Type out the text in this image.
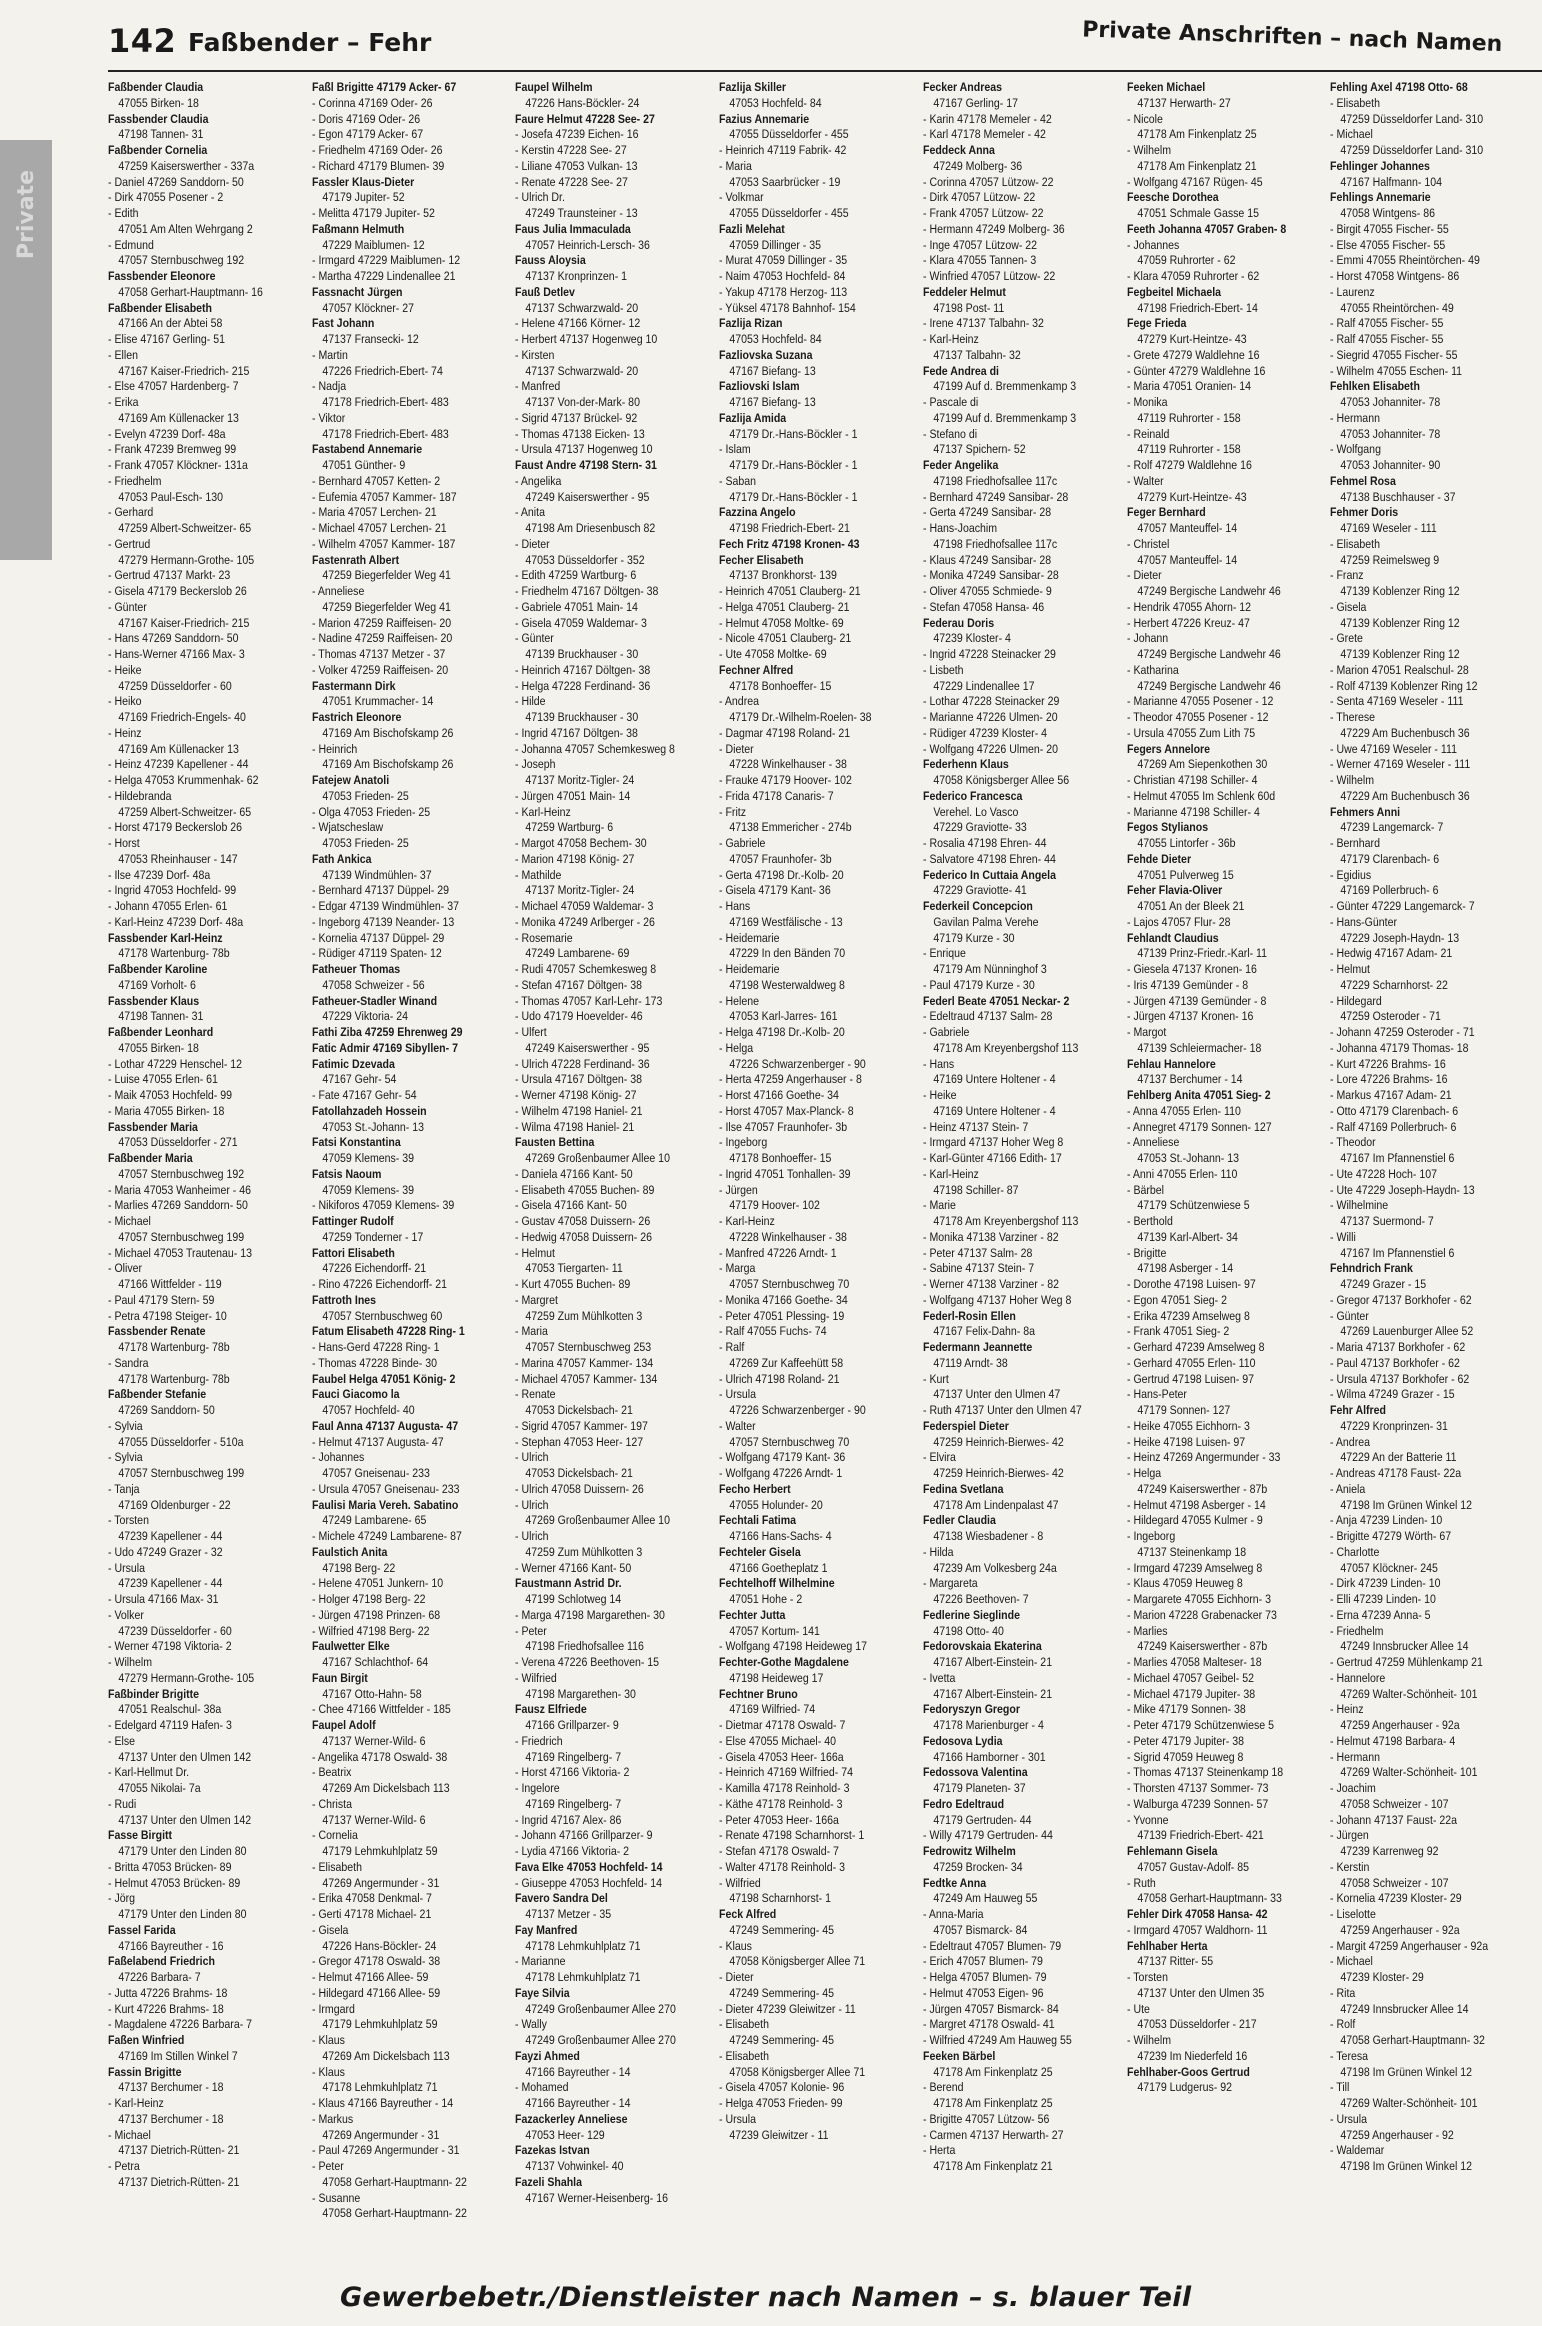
142 Faßbender – Fehr	Private Anschriften – nach Namen
Private
Faßbender Claudia
47055 Birken- 18
Fassbender Claudia
47198 Tannen- 31
Faßbender Cornelia
47259 Kaiserswerther - 337a
- Daniel 47269 Sanddorn- 50
- Dirk 47055 Posener - 2
- Edith
47051 Am Alten Wehrgang 2
- Edmund
47057 Sternbuschweg 192
Fassbender Eleonore
47058 Gerhart-Hauptmann- 16
Faßbender Elisabeth
47166 An der Abtei 58
- Elise 47167 Gerling- 51
- Ellen
47167 Kaiser-Friedrich- 215
- Else 47057 Hardenberg- 7
- Erika
47169 Am Küllenacker 13
- Evelyn 47239 Dorf- 48a
- Frank 47239 Bremweg 99
- Frank 47057 Klöckner- 131a
- Friedhelm
47053 Paul-Esch- 130
- Gerhard
47259 Albert-Schweitzer- 65
- Gertrud
47279 Hermann-Grothe- 105
- Gertrud 47137 Markt- 23
- Gisela 47179 Beckerslob 26
- Günter
47167 Kaiser-Friedrich- 215
- Hans 47269 Sanddorn- 50
- Hans-Werner 47166 Max- 3
- Heike
47259 Düsseldorfer - 60
- Heiko
47169 Friedrich-Engels- 40
- Heinz
47169 Am Küllenacker 13
- Heinz 47239 Kapellener - 44
- Helga 47053 Krummenhak- 62
- Hildebranda
47259 Albert-Schweitzer- 65
- Horst 47179 Beckerslob 26
- Horst
47053 Rheinhauser - 147
- Ilse 47239 Dorf- 48a
- Ingrid 47053 Hochfeld- 99
- Johann 47055 Erlen- 61
- Karl-Heinz 47239 Dorf- 48a
Fassbender Karl-Heinz
47178 Wartenburg- 78b
Faßbender Karoline
47169 Vorholt- 6
Fassbender Klaus
47198 Tannen- 31
Faßbender Leonhard
47055 Birken- 18
- Lothar 47229 Henschel- 12
- Luise 47055 Erlen- 61
- Maik 47053 Hochfeld- 99
- Maria 47055 Birken- 18
Fassbender Maria
47053 Düsseldorfer - 271
Faßbender Maria
47057 Sternbuschweg 192
- Maria 47053 Wanheimer - 46
- Marlies 47269 Sanddorn- 50
- Michael
47057 Sternbuschweg 199
- Michael 47053 Trautenau- 13
- Oliver
47166 Wittfelder - 119
- Paul 47179 Stern- 59
- Petra 47198 Steiger- 10
Fassbender Renate
47178 Wartenburg- 78b
- Sandra
47178 Wartenburg- 78b
Faßbender Stefanie
47269 Sanddorn- 50
- Sylvia
47055 Düsseldorfer - 510a
- Sylvia
47057 Sternbuschweg 199
- Tanja
47169 Oldenburger - 22
- Torsten
47239 Kapellener - 44
- Udo 47249 Grazer - 32
- Ursula
47239 Kapellener - 44
- Ursula 47166 Max- 31
- Volker
47239 Düsseldorfer - 60
- Werner 47198 Viktoria- 2
- Wilhelm
47279 Hermann-Grothe- 105
Faßbinder Brigitte
47051 Realschul- 38a
- Edelgard 47119 Hafen- 3
- Else
47137 Unter den Ulmen 142
- Karl-Hellmut Dr.
47055 Nikolai- 7a
- Rudi
47137 Unter den Ulmen 142
Fasse Birgitt
47179 Unter den Linden 80
- Britta 47053 Brücken- 89
- Helmut 47053 Brücken- 89
- Jörg
47179 Unter den Linden 80
Fassel Farida
47166 Bayreuther - 16
Faßelabend Friedrich
47226 Barbara- 7
- Jutta 47226 Brahms- 18
- Kurt 47226 Brahms- 18
- Magdalene 47226 Barbara- 7
Faßen Winfried
47169 Im Stillen Winkel 7
Fassin Brigitte
47137 Berchumer - 18
- Karl-Heinz
47137 Berchumer - 18
- Michael
47137 Dietrich-Rütten- 21
- Petra
47137 Dietrich-Rütten- 21
Faßl Brigitte 47179 Acker- 67
- Corinna 47169 Oder- 26
- Doris 47169 Oder- 26
- Egon 47179 Acker- 67
- Friedhelm 47169 Oder- 26
- Richard 47179 Blumen- 39
Fassler Klaus-Dieter
47179 Jupiter- 52
- Melitta 47179 Jupiter- 52
Faßmann Helmuth
47229 Maiblumen- 12
- Irmgard 47229 Maiblumen- 12
- Martha 47229 Lindenallee 21
Fassnacht Jürgen
47057 Klöckner- 27
Fast Johann
47137 Fransecki- 12
- Martin
47226 Friedrich-Ebert- 74
- Nadja
47178 Friedrich-Ebert- 483
- Viktor
47178 Friedrich-Ebert- 483
Fastabend Annemarie
47051 Günther- 9
- Bernhard 47057 Ketten- 2
- Eufemia 47057 Kammer- 187
- Maria 47057 Lerchen- 21
- Michael 47057 Lerchen- 21
- Wilhelm 47057 Kammer- 187
Fastenrath Albert
47259 Biegerfelder Weg 41
- Anneliese
47259 Biegerfelder Weg 41
- Marion 47259 Raiffeisen- 20
- Nadine 47259 Raiffeisen- 20
- Thomas 47137 Metzer - 37
- Volker 47259 Raiffeisen- 20
Fastermann Dirk
47051 Krummacher- 14
Fastrich Eleonore
47169 Am Bischofskamp 26
- Heinrich
47169 Am Bischofskamp 26
Fatejew Anatoli
47053 Frieden- 25
- Olga 47053 Frieden- 25
- Wjatscheslaw
47053 Frieden- 25
Fath Ankica
47139 Windmühlen- 37
- Bernhard 47137 Düppel- 29
- Edgar 47139 Windmühlen- 37
- Ingeborg 47139 Neander- 13
- Kornelia 47137 Düppel- 29
- Rüdiger 47119 Spaten- 12
Fatheuer Thomas
47058 Schweizer - 56
Fatheuer-Stadler Winand
47229 Viktoria- 24
Fathi Ziba 47259 Ehrenweg 29
Fatic Admir 47169 Sibyllen- 7
Fatimic Dzevada
47167 Gehr- 54
- Fate 47167 Gehr- 54
Fatollahzadeh Hossein
47053 St.-Johann- 13
Fatsi Konstantina
47059 Klemens- 39
Fatsis Naoum
47059 Klemens- 39
- Nikiforos 47059 Klemens- 39
Fattinger Rudolf
47259 Tonderner - 17
Fattori Elisabeth
47226 Eichendorff- 21
- Rino 47226 Eichendorff- 21
Fattroth Ines
47057 Sternbuschweg 60
Fatum Elisabeth 47228 Ring- 1
- Hans-Gerd 47228 Ring- 1
- Thomas 47228 Binde- 30
Faubel Helga 47051 König- 2
Fauci Giacomo la
47057 Hochfeld- 40
Faul Anna 47137 Augusta- 47
- Helmut 47137 Augusta- 47
- Johannes
47057 Gneisenau- 233
- Ursula 47057 Gneisenau- 233
Faulisi Maria Vereh. Sabatino
47249 Lambarene- 65
- Michele 47249 Lambarene- 87
Faulstich Anita
47198 Berg- 22
- Helene 47051 Junkern- 10
- Holger 47198 Berg- 22
- Jürgen 47198 Prinzen- 68
- Wilfried 47198 Berg- 22
Faulwetter Elke
47167 Schlachthof- 64
Faun Birgit
47167 Otto-Hahn- 58
- Chee 47166 Wittfelder - 185
Faupel Adolf
47137 Werner-Wild- 6
- Angelika 47178 Oswald- 38
- Beatrix
47269 Am Dickelsbach 113
- Christa
47137 Werner-Wild- 6
- Cornelia
47179 Lehmkuhlplatz 59
- Elisabeth
47269 Angermunder - 31
- Erika 47058 Denkmal- 7
- Gerti 47178 Michael- 21
- Gisela
47226 Hans-Böckler- 24
- Gregor 47178 Oswald- 38
- Helmut 47166 Allee- 59
- Hildegard 47166 Allee- 59
- Irmgard
47179 Lehmkuhlplatz 59
- Klaus
47269 Am Dickelsbach 113
- Klaus
47178 Lehmkuhlplatz 71
- Klaus 47166 Bayreuther - 14
- Markus
47269 Angermunder - 31
- Paul 47269 Angermunder - 31
- Peter
47058 Gerhart-Hauptmann- 22
- Susanne
47058 Gerhart-Hauptmann- 22
Faupel Wilhelm
47226 Hans-Böckler- 24
Faure Helmut 47228 See- 27
- Josefa 47239 Eichen- 16
- Kerstin 47228 See- 27
- Liliane 47053 Vulkan- 13
- Renate 47228 See- 27
- Ulrich Dr.
47249 Traunsteiner - 13
Faus Julia Immaculada
47057 Heinrich-Lersch- 36
Fauss Aloysia
47137 Kronprinzen- 1
Fauß Detlev
47137 Schwarzwald- 20
- Helene 47166 Körner- 12
- Herbert 47137 Hogenweg 10
- Kirsten
47137 Schwarzwald- 20
- Manfred
47137 Von-der-Mark- 80
- Sigrid 47137 Brückel- 92
- Thomas 47138 Eicken- 13
- Ursula 47137 Hogenweg 10
Faust Andre 47198 Stern- 31
- Angelika
47249 Kaiserswerther - 95
- Anita
47198 Am Driesenbusch 82
- Dieter
47053 Düsseldorfer - 352
- Edith 47259 Wartburg- 6
- Friedhelm 47167 Döltgen- 38
- Gabriele 47051 Main- 14
- Gisela 47059 Waldemar- 3
- Günter
47139 Bruckhauser - 30
- Heinrich 47167 Döltgen- 38
- Helga 47228 Ferdinand- 36
- Hilde
47139 Bruckhauser - 30
- Ingrid 47167 Döltgen- 38
- Johanna 47057 Schemkesweg 8
- Joseph
47137 Moritz-Tigler- 24
- Jürgen 47051 Main- 14
- Karl-Heinz
47259 Wartburg- 6
- Margot 47058 Bechem- 30
- Marion 47198 König- 27
- Mathilde
47137 Moritz-Tigler- 24
- Michael 47059 Waldemar- 3
- Monika 47249 Arlberger - 26
- Rosemarie
47249 Lambarene- 69
- Rudi 47057 Schemkesweg 8
- Stefan 47167 Döltgen- 38
- Thomas 47057 Karl-Lehr- 173
- Udo 47179 Hoevelder- 46
- Ulfert
47249 Kaiserswerther - 95
- Ulrich 47228 Ferdinand- 36
- Ursula 47167 Döltgen- 38
- Werner 47198 König- 27
- Wilhelm 47198 Haniel- 21
- Wilma 47198 Haniel- 21
Fausten Bettina
47269 Großenbaumer Allee 10
- Daniela 47166 Kant- 50
- Elisabeth 47055 Buchen- 89
- Gisela 47166 Kant- 50
- Gustav 47058 Duissern- 26
- Hedwig 47058 Duissern- 26
- Helmut
47053 Tiergarten- 11
- Kurt 47055 Buchen- 89
- Margret
47259 Zum Mühlkotten 3
- Maria
47057 Sternbuschweg 253
- Marina 47057 Kammer- 134
- Michael 47057 Kammer- 134
- Renate
47053 Dickelsbach- 21
- Sigrid 47057 Kammer- 197
- Stephan 47053 Heer- 127
- Ulrich
47053 Dickelsbach- 21
- Ulrich 47058 Duissern- 26
- Ulrich
47269 Großenbaumer Allee 10
- Ulrich
47259 Zum Mühlkotten 3
- Werner 47166 Kant- 50
Faustmann Astrid Dr.
47199 Schlotweg 14
- Marga 47198 Margarethen- 30
- Peter
47198 Friedhofsallee 116
- Verena 47226 Beethoven- 15
- Wilfried
47198 Margarethen- 30
Fausz Elfriede
47166 Grillparzer- 9
- Friedrich
47169 Ringelberg- 7
- Horst 47166 Viktoria- 2
- Ingelore
47169 Ringelberg- 7
- Ingrid 47167 Alex- 86
- Johann 47166 Grillparzer- 9
- Lydia 47166 Viktoria- 2
Fava Elke 47053 Hochfeld- 14
- Giuseppe 47053 Hochfeld- 14
Favero Sandra Del
47137 Metzer - 35
Fay Manfred
47178 Lehmkuhlplatz 71
- Marianne
47178 Lehmkuhlplatz 71
Faye Silvia
47249 Großenbaumer Allee 270
- Wally
47249 Großenbaumer Allee 270
Fayzi Ahmed
47166 Bayreuther - 14
- Mohamed
47166 Bayreuther - 14
Fazackerley Anneliese
47053 Heer- 129
Fazekas Istvan
47137 Vohwinkel- 40
Fazeli Shahla
47167 Werner-Heisenberg- 16
Fazlija Skiller
47053 Hochfeld- 84
Fazius Annemarie
47055 Düsseldorfer - 455
- Heinrich 47119 Fabrik- 42
- Maria
47053 Saarbrücker - 19
- Volkmar
47055 Düsseldorfer - 455
Fazli Melehat
47059 Dillinger - 35
- Murat 47059 Dillinger - 35
- Naim 47053 Hochfeld- 84
- Yakup 47178 Herzog- 113
- Yüksel 47178 Bahnhof- 154
Fazlija Rizan
47053 Hochfeld- 84
Fazliovska Suzana
47167 Biefang- 13
Fazliovski Islam
47167 Biefang- 13
Fazlija Amida
47179 Dr.-Hans-Böckler - 1
- Islam
47179 Dr.-Hans-Böckler - 1
- Saban
47179 Dr.-Hans-Böckler - 1
Fazzina Angelo
47198 Friedrich-Ebert- 21
Fech Fritz 47198 Kronen- 43
Fecher Elisabeth
47137 Bronkhorst- 139
- Heinrich 47051 Clauberg- 21
- Helga 47051 Clauberg- 21
- Helmut 47058 Moltke- 69
- Nicole 47051 Clauberg- 21
- Ute 47058 Moltke- 69
Fechner Alfred
47178 Bonhoeffer- 15
- Andrea
47179 Dr.-Wilhelm-Roelen- 38
- Dagmar 47198 Roland- 21
- Dieter
47228 Winkelhauser - 38
- Frauke 47179 Hoover- 102
- Frida 47178 Canaris- 7
- Fritz
47138 Emmericher - 274b
- Gabriele
47057 Fraunhofer- 3b
- Gerta 47198 Dr.-Kolb- 20
- Gisela 47179 Kant- 36
- Hans
47169 Westfälische - 13
- Heidemarie
47229 In den Bänden 70
- Heidemarie
47198 Westerwaldweg 8
- Helene
47053 Karl-Jarres- 161
- Helga 47198 Dr.-Kolb- 20
- Helga
47226 Schwarzenberger - 90
- Herta 47259 Angerhauser - 8
- Horst 47166 Goethe- 34
- Horst 47057 Max-Planck- 8
- Ilse 47057 Fraunhofer- 3b
- Ingeborg
47178 Bonhoeffer- 15
- Ingrid 47051 Tonhallen- 39
- Jürgen
47179 Hoover- 102
- Karl-Heinz
47228 Winkelhauser - 38
- Manfred 47226 Arndt- 1
- Marga
47057 Sternbuschweg 70
- Monika 47166 Goethe- 34
- Peter 47051 Plessing- 19
- Ralf 47055 Fuchs- 74
- Ralf
47269 Zur Kaffeehütt 58
- Ulrich 47198 Roland- 21
- Ursula
47226 Schwarzenberger - 90
- Walter
47057 Sternbuschweg 70
- Wolfgang 47179 Kant- 36
- Wolfgang 47226 Arndt- 1
Fecho Herbert
47055 Holunder- 20
Fechtali Fatima
47166 Hans-Sachs- 4
Fechteler Gisela
47166 Goetheplatz 1
Fechtelhoff Wilhelmine
47051 Hohe - 2
Fechter Jutta
47057 Kortum- 141
- Wolfgang 47198 Heideweg 17
Fechter-Gothe Magdalene
47198 Heideweg 17
Fechtner Bruno
47169 Wilfried- 74
- Dietmar 47178 Oswald- 7
- Else 47055 Michael- 40
- Gisela 47053 Heer- 166a
- Heinrich 47169 Wilfried- 74
- Kamilla 47178 Reinhold- 3
- Käthe 47178 Reinhold- 3
- Peter 47053 Heer- 166a
- Renate 47198 Scharnhorst- 1
- Stefan 47178 Oswald- 7
- Walter 47178 Reinhold- 3
- Wilfried
47198 Scharnhorst- 1
Feck Alfred
47249 Semmering- 45
- Klaus
47058 Königsberger Allee 71
- Dieter
47249 Semmering- 45
- Dieter 47239 Gleiwitzer - 11
- Elisabeth
47249 Semmering- 45
- Elisabeth
47058 Königsberger Allee 71
- Gisela 47057 Kolonie- 96
- Helga 47053 Frieden- 99
- Ursula
47239 Gleiwitzer - 11
Fecker Andreas
47167 Gerling- 17
- Karin 47178 Memeler - 42
- Karl 47178 Memeler - 42
Feddeck Anna
47249 Molberg- 36
- Corinna 47057 Lützow- 22
- Dirk 47057 Lützow- 22
- Frank 47057 Lützow- 22
- Hermann 47249 Molberg- 36
- Inge 47057 Lützow- 22
- Klara 47055 Tannen- 3
- Winfried 47057 Lützow- 22
Feddeler Helmut
47198 Post- 11
- Irene 47137 Talbahn- 32
- Karl-Heinz
47137 Talbahn- 32
Fede Andrea di
47199 Auf d. Bremmenkamp 3
- Pascale di
47199 Auf d. Bremmenkamp 3
- Stefano di
47137 Spichern- 52
Feder Angelika
47198 Friedhofsallee 117c
- Bernhard 47249 Sansibar- 28
- Gerta 47249 Sansibar- 28
- Hans-Joachim
47198 Friedhofsallee 117c
- Klaus 47249 Sansibar- 28
- Monika 47249 Sansibar- 28
- Oliver 47055 Schmiede- 9
- Stefan 47058 Hansa- 46
Federau Doris
47239 Kloster- 4
- Ingrid 47228 Steinacker 29
- Lisbeth
47229 Lindenallee 17
- Lothar 47228 Steinacker 29
- Marianne 47226 Ulmen- 20
- Rüdiger 47239 Kloster- 4
- Wolfgang 47226 Ulmen- 20
Federhenn Klaus
47058 Königsberger Allee 56
Federico Francesca
Verehel. Lo Vasco
47229 Graviotte- 33
- Rosalia 47198 Ehren- 44
- Salvatore 47198 Ehren- 44
Federico In Cuttaia Angela
47229 Graviotte- 41
Federkeil Concepcion
Gavilan Palma Verehe
47179 Kurze - 30
- Enrique
47179 Am Nünninghof 3
- Paul 47179 Kurze - 30
Federl Beate 47051 Neckar- 2
- Edeltraud 47137 Salm- 28
- Gabriele
47178 Am Kreyenbergshof 113
- Hans
47169 Untere Holtener - 4
- Heike
47169 Untere Holtener - 4
- Heinz 47137 Stein- 7
- Irmgard 47137 Hoher Weg 8
- Karl-Günter 47166 Edith- 17
- Karl-Heinz
47198 Schiller- 87
- Marie
47178 Am Kreyenbergshof 113
- Monika 47138 Varziner - 82
- Peter 47137 Salm- 28
- Sabine 47137 Stein- 7
- Werner 47138 Varziner - 82
- Wolfgang 47137 Hoher Weg 8
Federl-Rosin Ellen
47167 Felix-Dahn- 8a
Federmann Jeannette
47119 Arndt- 38
- Kurt
47137 Unter den Ulmen 47
- Ruth 47137 Unter den Ulmen 47
Federspiel Dieter
47259 Heinrich-Bierwes- 42
- Elvira
47259 Heinrich-Bierwes- 42
Fedina Svetlana
47178 Am Lindenpalast 47
Fedler Claudia
47138 Wiesbadener - 8
- Hilda
47239 Am Volkesberg 24a
- Margareta
47226 Beethoven- 7
Fedlerine Sieglinde
47198 Otto- 40
Fedorovskaia Ekaterina
47167 Albert-Einstein- 21
- Ivetta
47167 Albert-Einstein- 21
Fedoryszyn Gregor
47178 Marienburger - 4
Fedosova Lydia
47166 Hamborner - 301
Fedossova Valentina
47179 Planeten- 37
Fedro Edeltraud
47179 Gertruden- 44
- Willy 47179 Gertruden- 44
Fedrowitz Wilhelm
47259 Brocken- 34
Fedtke Anna
47249 Am Hauweg 55
- Anna-Maria
47057 Bismarck- 84
- Edeltraut 47057 Blumen- 79
- Erich 47057 Blumen- 79
- Helga 47057 Blumen- 79
- Helmut 47053 Eigen- 96
- Jürgen 47057 Bismarck- 84
- Margret 47178 Oswald- 41
- Wilfried 47249 Am Hauweg 55
Feeken Bärbel
47178 Am Finkenplatz 25
- Berend
47178 Am Finkenplatz 25
- Brigitte 47057 Lützow- 56
- Carmen 47137 Herwarth- 27
- Herta
47178 Am Finkenplatz 21
Feeken Michael
47137 Herwarth- 27
- Nicole
47178 Am Finkenplatz 25
- Wilhelm
47178 Am Finkenplatz 21
- Wolfgang 47167 Rügen- 45
Feesche Dorothea
47051 Schmale Gasse 15
Feeth Johanna 47057 Graben- 8
- Johannes
47059 Ruhrorter - 62
- Klara 47059 Ruhrorter - 62
Fegbeitel Michaela
47198 Friedrich-Ebert- 14
Fege Frieda
47279 Kurt-Heintze- 43
- Grete 47279 Waldlehne 16
- Günter 47279 Waldlehne 16
- Maria 47051 Oranien- 14
- Monika
47119 Ruhrorter - 158
- Reinald
47119 Ruhrorter - 158
- Rolf 47279 Waldlehne 16
- Walter
47279 Kurt-Heintze- 43
Feger Bernhard
47057 Manteuffel- 14
- Christel
47057 Manteuffel- 14
- Dieter
47249 Bergische Landwehr 46
- Hendrik 47055 Ahorn- 12
- Herbert 47226 Kreuz- 47
- Johann
47249 Bergische Landwehr 46
- Katharina
47249 Bergische Landwehr 46
- Marianne 47055 Posener - 12
- Theodor 47055 Posener - 12
- Ursula 47055 Zum Lith 75
Fegers Annelore
47269 Am Siepenkothen 30
- Christian 47198 Schiller- 4
- Helmut 47055 Im Schlenk 60d
- Marianne 47198 Schiller- 4
Fegos Stylianos
47055 Lintorfer - 36b
Fehde Dieter
47051 Pulverweg 15
Feher Flavia-Oliver
47051 An der Bleek 21
- Lajos 47057 Flur- 28
Fehlandt Claudius
47139 Prinz-Friedr.-Karl- 11
- Giesela 47137 Kronen- 16
- Iris 47139 Gemünder - 8
- Jürgen 47139 Gemünder - 8
- Jürgen 47137 Kronen- 16
- Margot
47139 Schleiermacher- 18
Fehlau Hannelore
47137 Berchumer - 14
Fehlberg Anita 47051 Sieg- 2
- Anna 47055 Erlen- 110
- Annegret 47179 Sonnen- 127
- Anneliese
47053 St.-Johann- 13
- Anni 47055 Erlen- 110
- Bärbel
47179 Schützenwiese 5
- Berthold
47139 Karl-Albert- 34
- Brigitte
47198 Asberger - 14
- Dorothe 47198 Luisen- 97
- Egon 47051 Sieg- 2
- Erika 47239 Amselweg 8
- Frank 47051 Sieg- 2
- Gerhard 47239 Amselweg 8
- Gerhard 47055 Erlen- 110
- Gertrud 47198 Luisen- 97
- Hans-Peter
47179 Sonnen- 127
- Heike 47055 Eichhorn- 3
- Heike 47198 Luisen- 97
- Heinz 47269 Angermunder - 33
- Helga
47249 Kaiserswerther - 87b
- Helmut 47198 Asberger - 14
- Hildegard 47055 Kulmer - 9
- Ingeborg
47137 Steinenkamp 18
- Irmgard 47239 Amselweg 8
- Klaus 47059 Heuweg 8
- Margarete 47055 Eichhorn- 3
- Marion 47228 Grabenacker 73
- Marlies
47249 Kaiserswerther - 87b
- Marlies 47058 Malteser- 18
- Michael 47057 Geibel- 52
- Michael 47179 Jupiter- 38
- Mike 47179 Sonnen- 38
- Peter 47179 Schützenwiese 5
- Peter 47179 Jupiter- 38
- Sigrid 47059 Heuweg 8
- Thomas 47137 Steinenkamp 18
- Thorsten 47137 Sommer- 73
- Walburga 47239 Sonnen- 57
- Yvonne
47139 Friedrich-Ebert- 421
Fehlemann Gisela
47057 Gustav-Adolf- 85
- Ruth
47058 Gerhart-Hauptmann- 33
Fehler Dirk 47058 Hansa- 42
- Irmgard 47057 Waldhorn- 11
Fehlhaber Herta
47137 Ritter- 55
- Torsten
47137 Unter den Ulmen 35
- Ute
47053 Düsseldorfer - 217
- Wilhelm
47239 Im Niederfeld 16
Fehlhaber-Goos Gertrud
47179 Ludgerus- 92
Fehling Axel 47198 Otto- 68
- Elisabeth
47259 Düsseldorfer Land- 310
- Michael
47259 Düsseldorfer Land- 310
Fehlinger Johannes
47167 Halfmann- 104
Fehlings Annemarie
47058 Wintgens- 86
- Birgit 47055 Fischer- 55
- Else 47055 Fischer- 55
- Emmi 47055 Rheintörchen- 49
- Horst 47058 Wintgens- 86
- Laurenz
47055 Rheintörchen- 49
- Ralf 47055 Fischer- 55
- Ralf 47055 Fischer- 55
- Siegrid 47055 Fischer- 55
- Wilhelm 47055 Eschen- 11
Fehlken Elisabeth
47053 Johanniter- 78
- Hermann
47053 Johanniter- 78
- Wolfgang
47053 Johanniter- 90
Fehmel Rosa
47138 Buschhauser - 37
Fehmer Doris
47169 Weseler - 111
- Elisabeth
47259 Reimelsweg 9
- Franz
47139 Koblenzer Ring 12
- Gisela
47139 Koblenzer Ring 12
- Grete
47139 Koblenzer Ring 12
- Marion 47051 Realschul- 28
- Rolf 47139 Koblenzer Ring 12
- Senta 47169 Weseler - 111
- Therese
47229 Am Buchenbusch 36
- Uwe 47169 Weseler - 111
- Werner 47169 Weseler - 111
- Wilhelm
47229 Am Buchenbusch 36
Fehmers Anni
47239 Langemarck- 7
- Bernhard
47179 Clarenbach- 6
- Egidius
47169 Pollerbruch- 6
- Günter 47229 Langemarck- 7
- Hans-Günter
47229 Joseph-Haydn- 13
- Hedwig 47167 Adam- 21
- Helmut
47229 Scharnhorst- 22
- Hildegard
47259 Osteroder - 71
- Johann 47259 Osteroder - 71
- Johanna 47179 Thomas- 18
- Kurt 47226 Brahms- 16
- Lore 47226 Brahms- 16
- Markus 47167 Adam- 21
- Otto 47179 Clarenbach- 6
- Ralf 47169 Pollerbruch- 6
- Theodor
47167 Im Pfannenstiel 6
- Ute 47228 Hoch- 107
- Ute 47229 Joseph-Haydn- 13
- Wilhelmine
47137 Suermond- 7
- Willi
47167 Im Pfannenstiel 6
Fehndrich Frank
47249 Grazer - 15
- Gregor 47137 Borkhofer - 62
- Günter
47269 Lauenburger Allee 52
- Maria 47137 Borkhofer - 62
- Paul 47137 Borkhofer - 62
- Ursula 47137 Borkhofer - 62
- Wilma 47249 Grazer - 15
Fehr Alfred
47229 Kronprinzen- 31
- Andrea
47229 An der Batterie 11
- Andreas 47178 Faust- 22a
- Aniela
47198 Im Grünen Winkel 12
- Anja 47239 Linden- 10
- Brigitte 47279 Wörth- 67
- Charlotte
47057 Klöckner- 245
- Dirk 47239 Linden- 10
- Elli 47239 Linden- 10
- Erna 47239 Anna- 5
- Friedhelm
47249 Innsbrucker Allee 14
- Gertrud 47259 Mühlenkamp 21
- Hannelore
47269 Walter-Schönheit- 101
- Heinz
47259 Angerhauser - 92a
- Helmut 47198 Barbara- 4
- Hermann
47269 Walter-Schönheit- 101
- Joachim
47058 Schweizer - 107
- Johann 47137 Faust- 22a
- Jürgen
47239 Karrenweg 92
- Kerstin
47058 Schweizer - 107
- Kornelia 47239 Kloster- 29
- Liselotte
47259 Angerhauser - 92a
- Margit 47259 Angerhauser - 92a
- Michael
47239 Kloster- 29
- Rita
47249 Innsbrucker Allee 14
- Rolf
47058 Gerhart-Hauptmann- 32
- Teresa
47198 Im Grünen Winkel 12
- Till
47269 Walter-Schönheit- 101
- Ursula
47259 Angerhauser - 92
- Waldemar
47198 Im Grünen Winkel 12
Gewerbebetr./Dienstleister nach Namen – s. blauer Teil
